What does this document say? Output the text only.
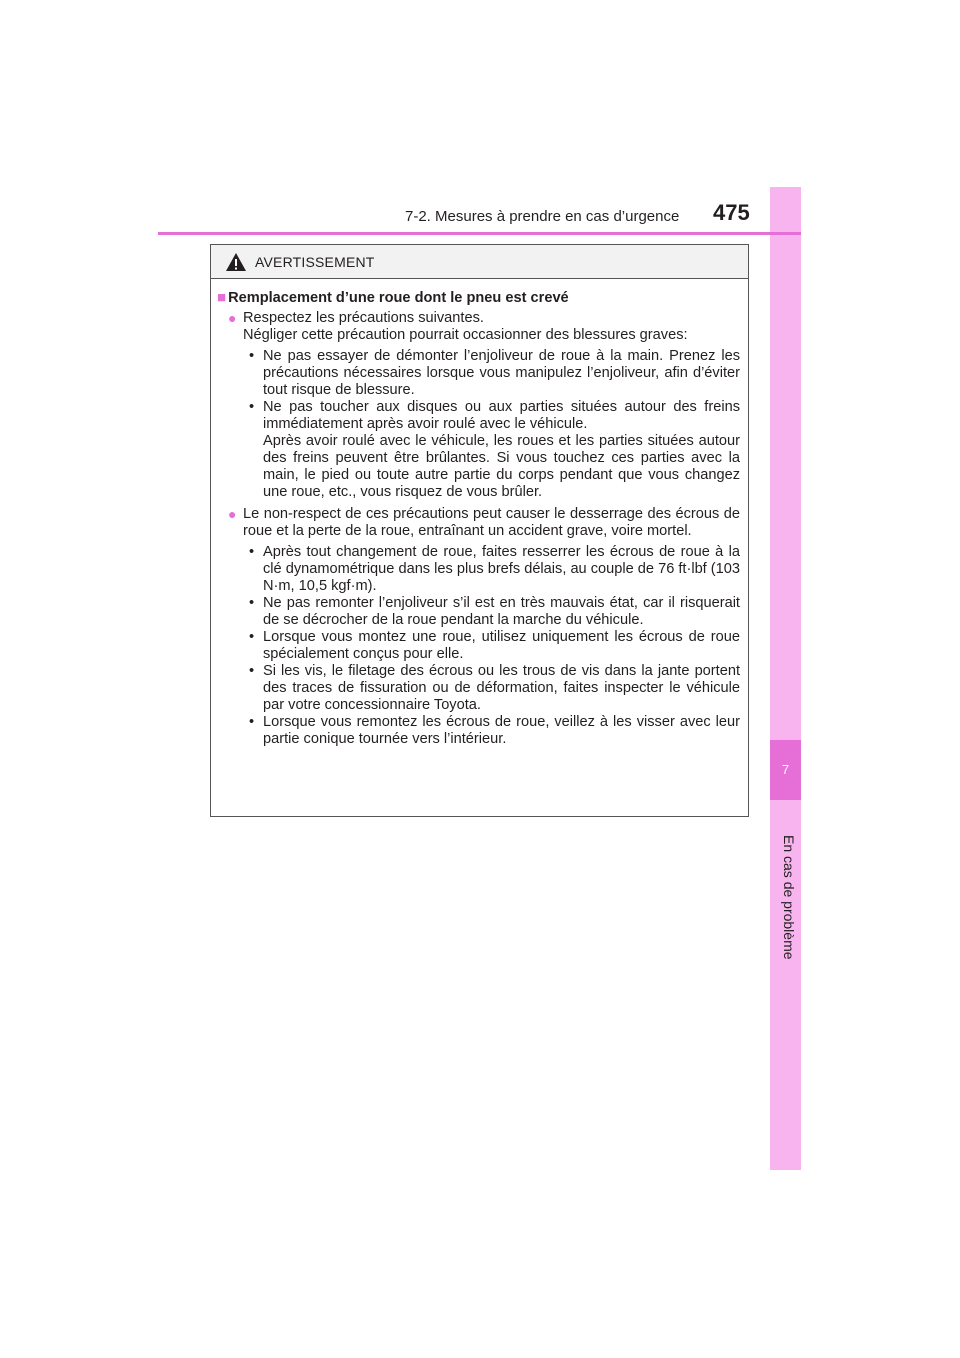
7
En cas de problème
7-2. Mesures à prendre en cas d’urgence 475
AVERTISSEMENT
■ Remplacement d’une roue dont le pneu est crevé
● Respectez les précautions suivantes.
Négliger cette précaution pourrait occasionner des blessures graves:
• Ne pas essayer de démonter l’enjoliveur de roue à la main. Prenez les précautions nécessaires lorsque vous manipulez l’enjoliveur, afin d’éviter tout risque de blessure.
• Ne pas toucher aux disques ou aux parties situées autour des freins immédiatement après avoir roulé avec le véhicule.
Après avoir roulé avec le véhicule, les roues et les parties situées autour des freins peuvent être brûlantes. Si vous touchez ces parties avec la main, le pied ou toute autre partie du corps pendant que vous changez une roue, etc., vous risquez de vous brûler.
● Le non-respect de ces précautions peut causer le desserrage des écrous de roue et la perte de la roue, entraînant un accident grave, voire mortel.
• Après tout changement de roue, faites resserrer les écrous de roue à la clé dynamométrique dans les plus brefs délais, au couple de 76 ft·lbf (103 N·m, 10,5 kgf·m).
• Ne pas remonter l’enjoliveur s’il est en très mauvais état, car il risquerait de se décrocher de la roue pendant la marche du véhicule.
• Lorsque vous montez une roue, utilisez uniquement les écrous de roue spécialement conçus pour elle.
• Si les vis, le filetage des écrous ou les trous de vis dans la jante portent des traces de fissuration ou de déformation, faites inspecter le véhicule par votre concessionnaire Toyota.
• Lorsque vous remontez les écrous de roue, veillez à les visser avec leur partie conique tournée vers l’intérieur.
